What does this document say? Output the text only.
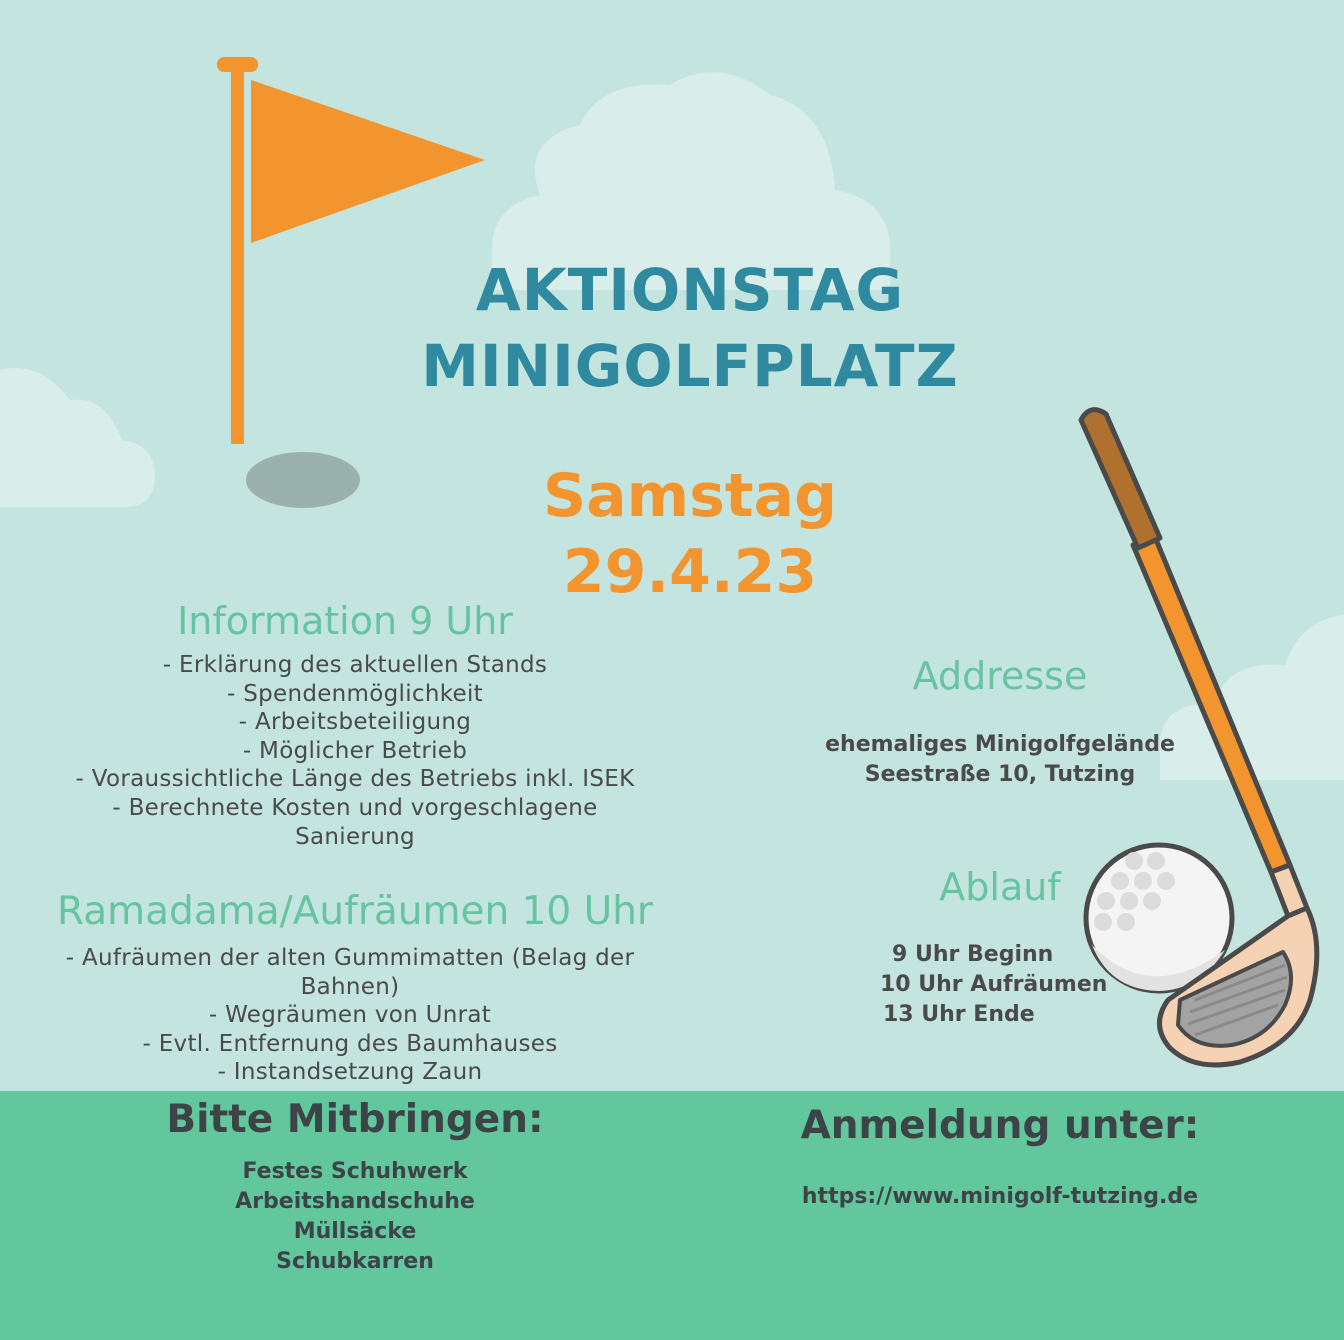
AKTIONSTAG
MINIGOLFPLATZ
Samstag
29.4.23
Information 9 Uhr
- Erklärung des aktuellen Stands
- Spendenmöglichkeit
- Arbeitsbeteiligung
- Möglicher Betrieb
- Voraussichtliche Länge des Betriebs inkl. ISEK
- Berechnete Kosten und vorgeschlagene
Sanierung
Ramadama/Aufräumen 10 Uhr
- Aufräumen der alten Gummimatten (Belag der
Bahnen)
- Wegräumen von Unrat
- Evtl. Entfernung des Baumhauses
- Instandsetzung Zaun
Addresse
ehemaliges Minigolfgelände
Seestraße 10, Tutzing
Ablauf
9 Uhr Beginn
10 Uhr Aufräumen
13 Uhr Ende
Bitte Mitbringen:
Festes Schuhwerk
Arbeitshandschuhe
Müllsäcke
Schubkarren
Anmeldung unter:
https://www.minigolf-tutzing.de
